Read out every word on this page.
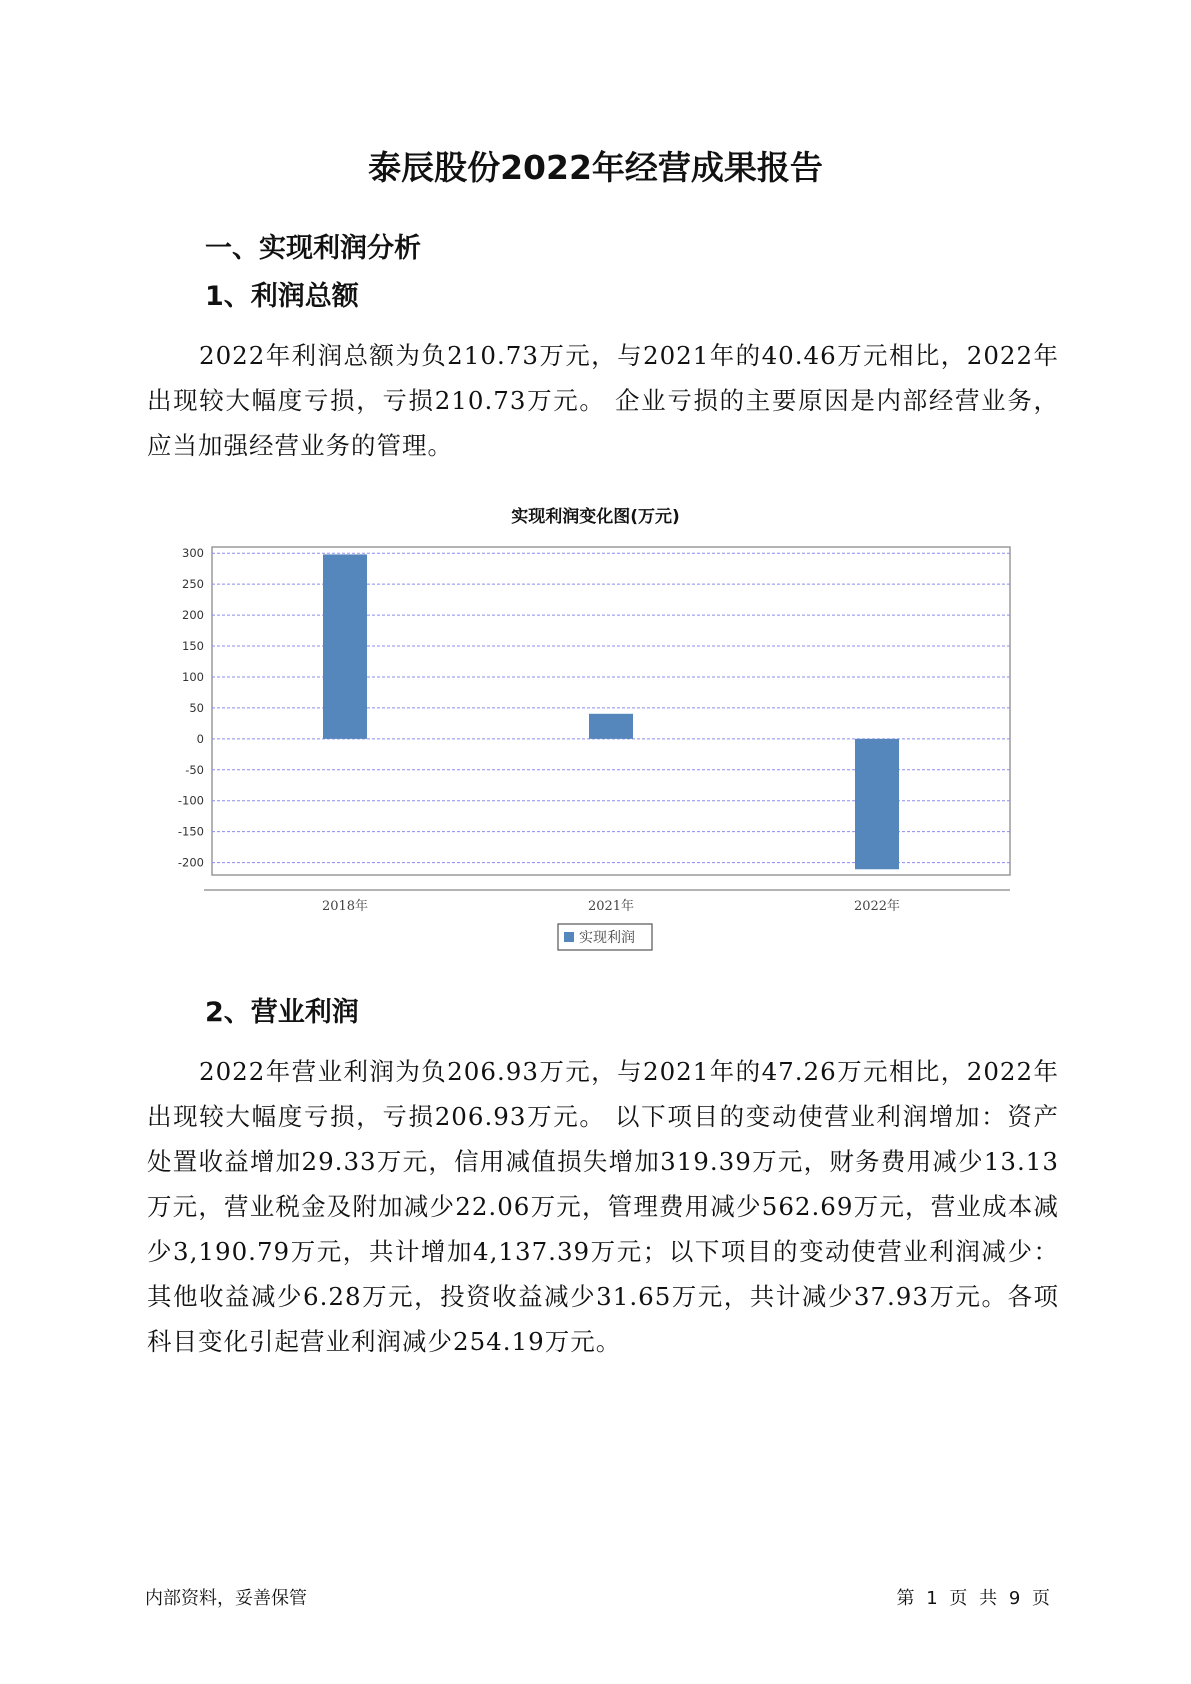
泰辰股份2022年经营成果报告
一、实现利润分析
1、利润总额

2022年利润总额为负210.73万元，与2021年的40.46万元相比，2022年出现较大幅度亏损，亏损210.73万元。 企业亏损的主要原因是内部经营业务，应当加强经营业务的管理。

实现利润变化图(万元)

300
250
200
150
100
50
0
-50
-100
-150
-200
2018年	2021年	2022年
实现利润
2、营业利润

2022年营业利润为负206.93万元，与2021年的47.26万元相比，2022年出现较大幅度亏损，亏损206.93万元。 以下项目的变动使营业利润增加：资产处置收益增加29.33万元，信用减值损失增加319.39万元，财务费用减少13.13万元，营业税金及附加减少22.06万元，管理费用减少562.69万元，营业成本减少3,190.79万元，共计增加4,137.39万元；以下项目的变动使营业利润减少：其他收益减少6.28万元，投资收益减少31.65万元，共计减少37.93万元。各项科目变化引起营业利润减少254.19万元。

内部资料，妥善保管	第 1 页 共 9 页
